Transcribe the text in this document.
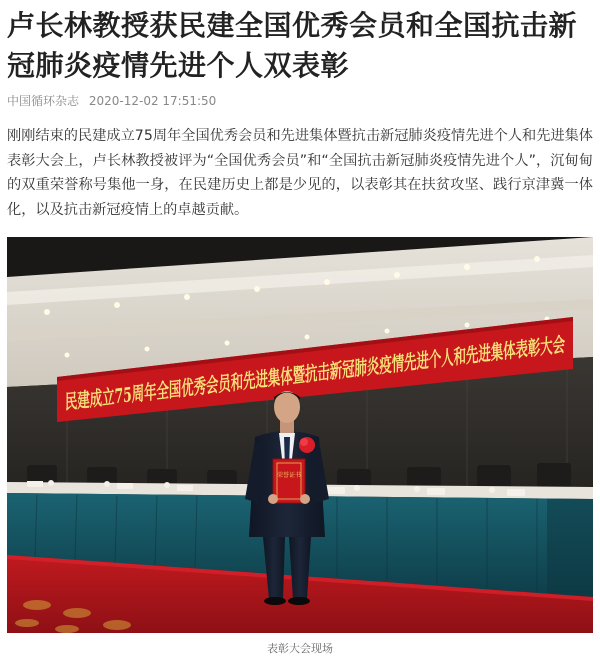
卢长林教授获民建全国优秀会员和全国抗击新冠肺炎疫情先进个人双表彰
中国循环杂志 2020-12-02 17:51:50

刚刚结束的民建成立75周年全国优秀会员和先进集体暨抗击新冠肺炎疫情先进个人和先进集体表彰大会上，卢长林教授被评为“全国优秀会员”和“全国抗击新冠肺炎疫情先进个人”，沉甸甸的双重荣誉称号集他一身，在民建历史上都是少见的，以表彰其在扶贫攻坚、践行京津冀一体化，以及抗击新冠疫情上的卓越贡献。

荣誉证书
表彰大会现场
